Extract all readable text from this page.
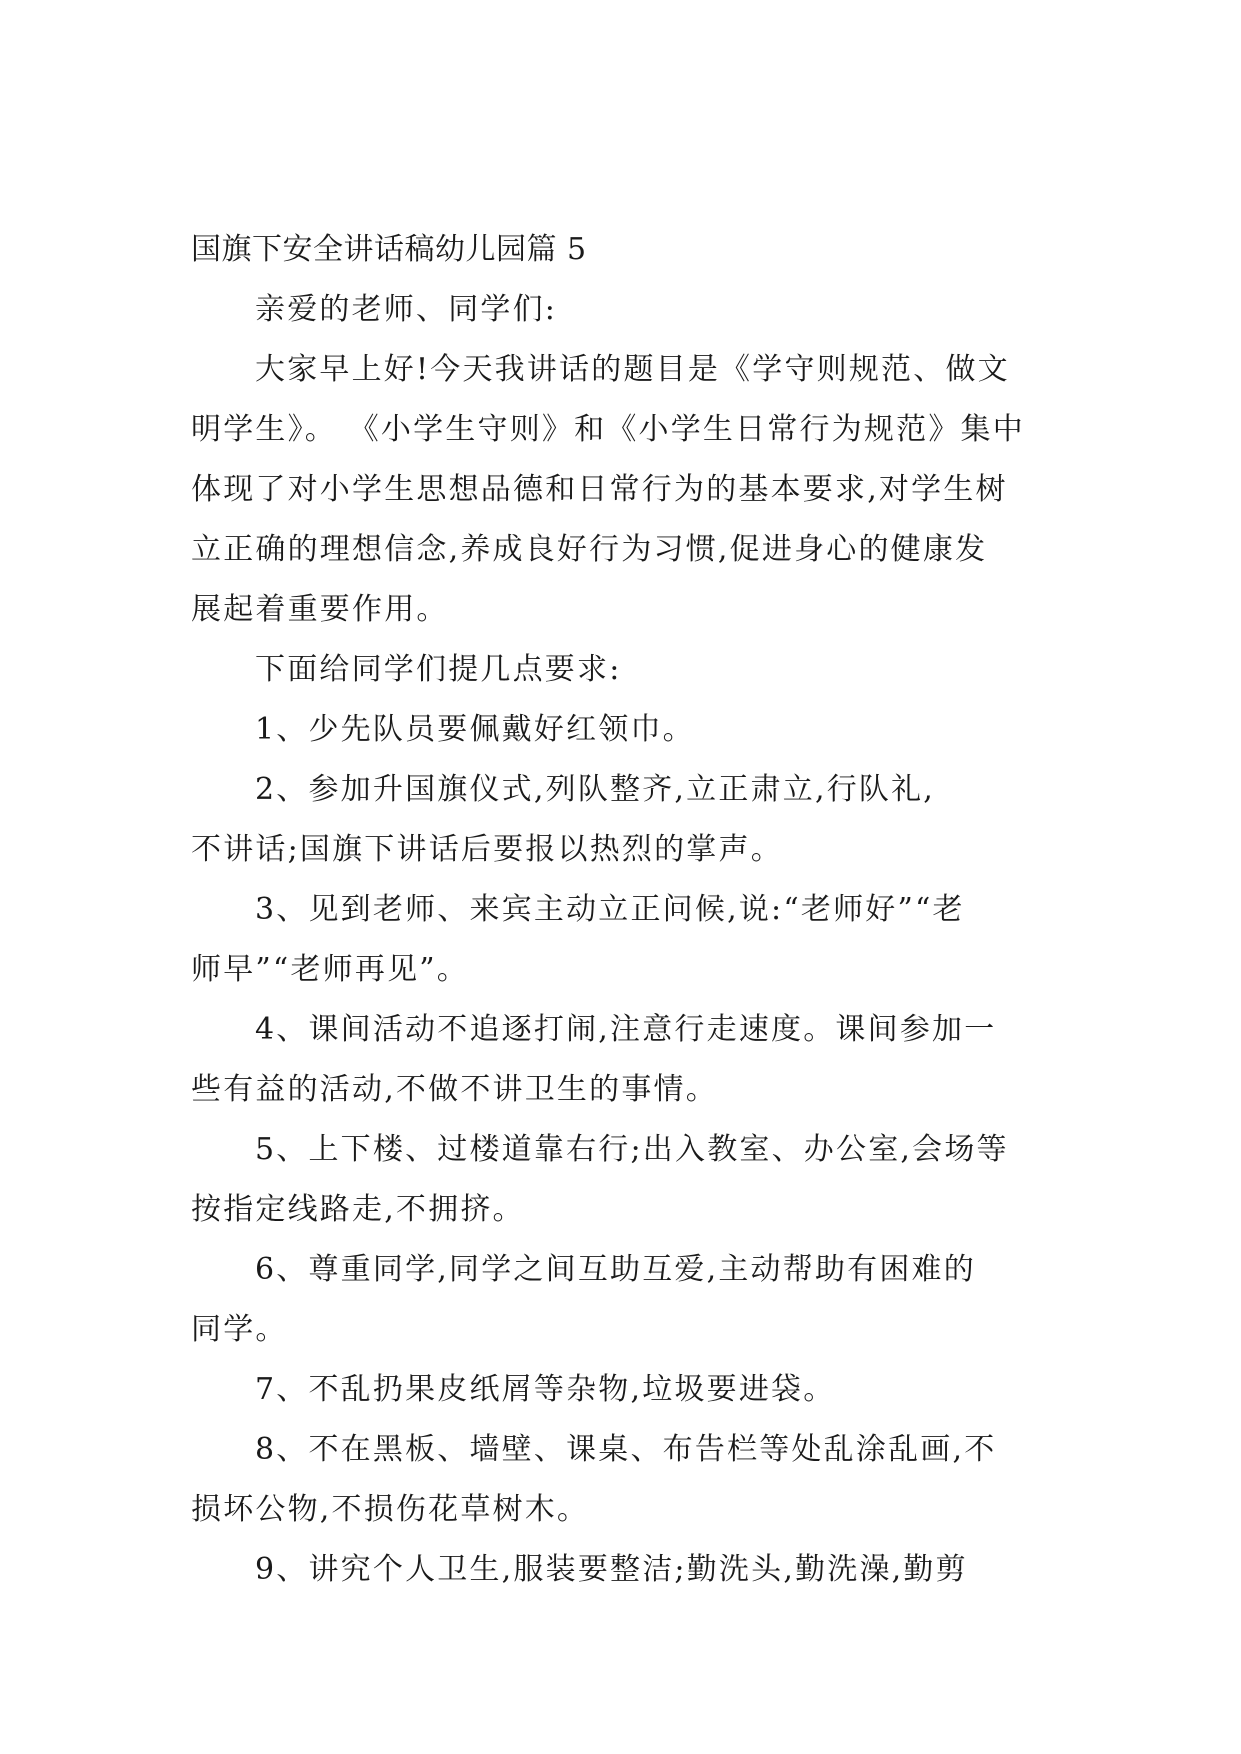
国旗下安全讲话稿幼儿园篇 5

亲爱的老师、同学们:

大家早上好!今天我讲话的题目是《学守则规范、做文

明学生》。 《小学生守则》和《小学生日常行为规范》集中

体现了对小学生思想品德和日常行为的基本要求,对学生树

立正确的理想信念,养成良好行为习惯,促进身心的健康发

展起着重要作用。

下面给同学们提几点要求:

1、少先队员要佩戴好红领巾。

2、参加升国旗仪式,列队整齐,立正肃立,行队礼,

不讲话;国旗下讲话后要报以热烈的掌声。

3、见到老师、来宾主动立正问候,说:“老师好”“老

师早”“老师再见”。

4、课间活动不追逐打闹,注意行走速度。课间参加一

些有益的活动,不做不讲卫生的事情。

5、上下楼、过楼道靠右行;出入教室、办公室,会场等

按指定线路走,不拥挤。

6、尊重同学,同学之间互助互爱,主动帮助有困难的

同学。

7、不乱扔果皮纸屑等杂物,垃圾要进袋。

8、不在黑板、墙壁、课桌、布告栏等处乱涂乱画,不

损坏公物,不损伤花草树木。

9、讲究个人卫生,服装要整洁;勤洗头,勤洗澡,勤剪
